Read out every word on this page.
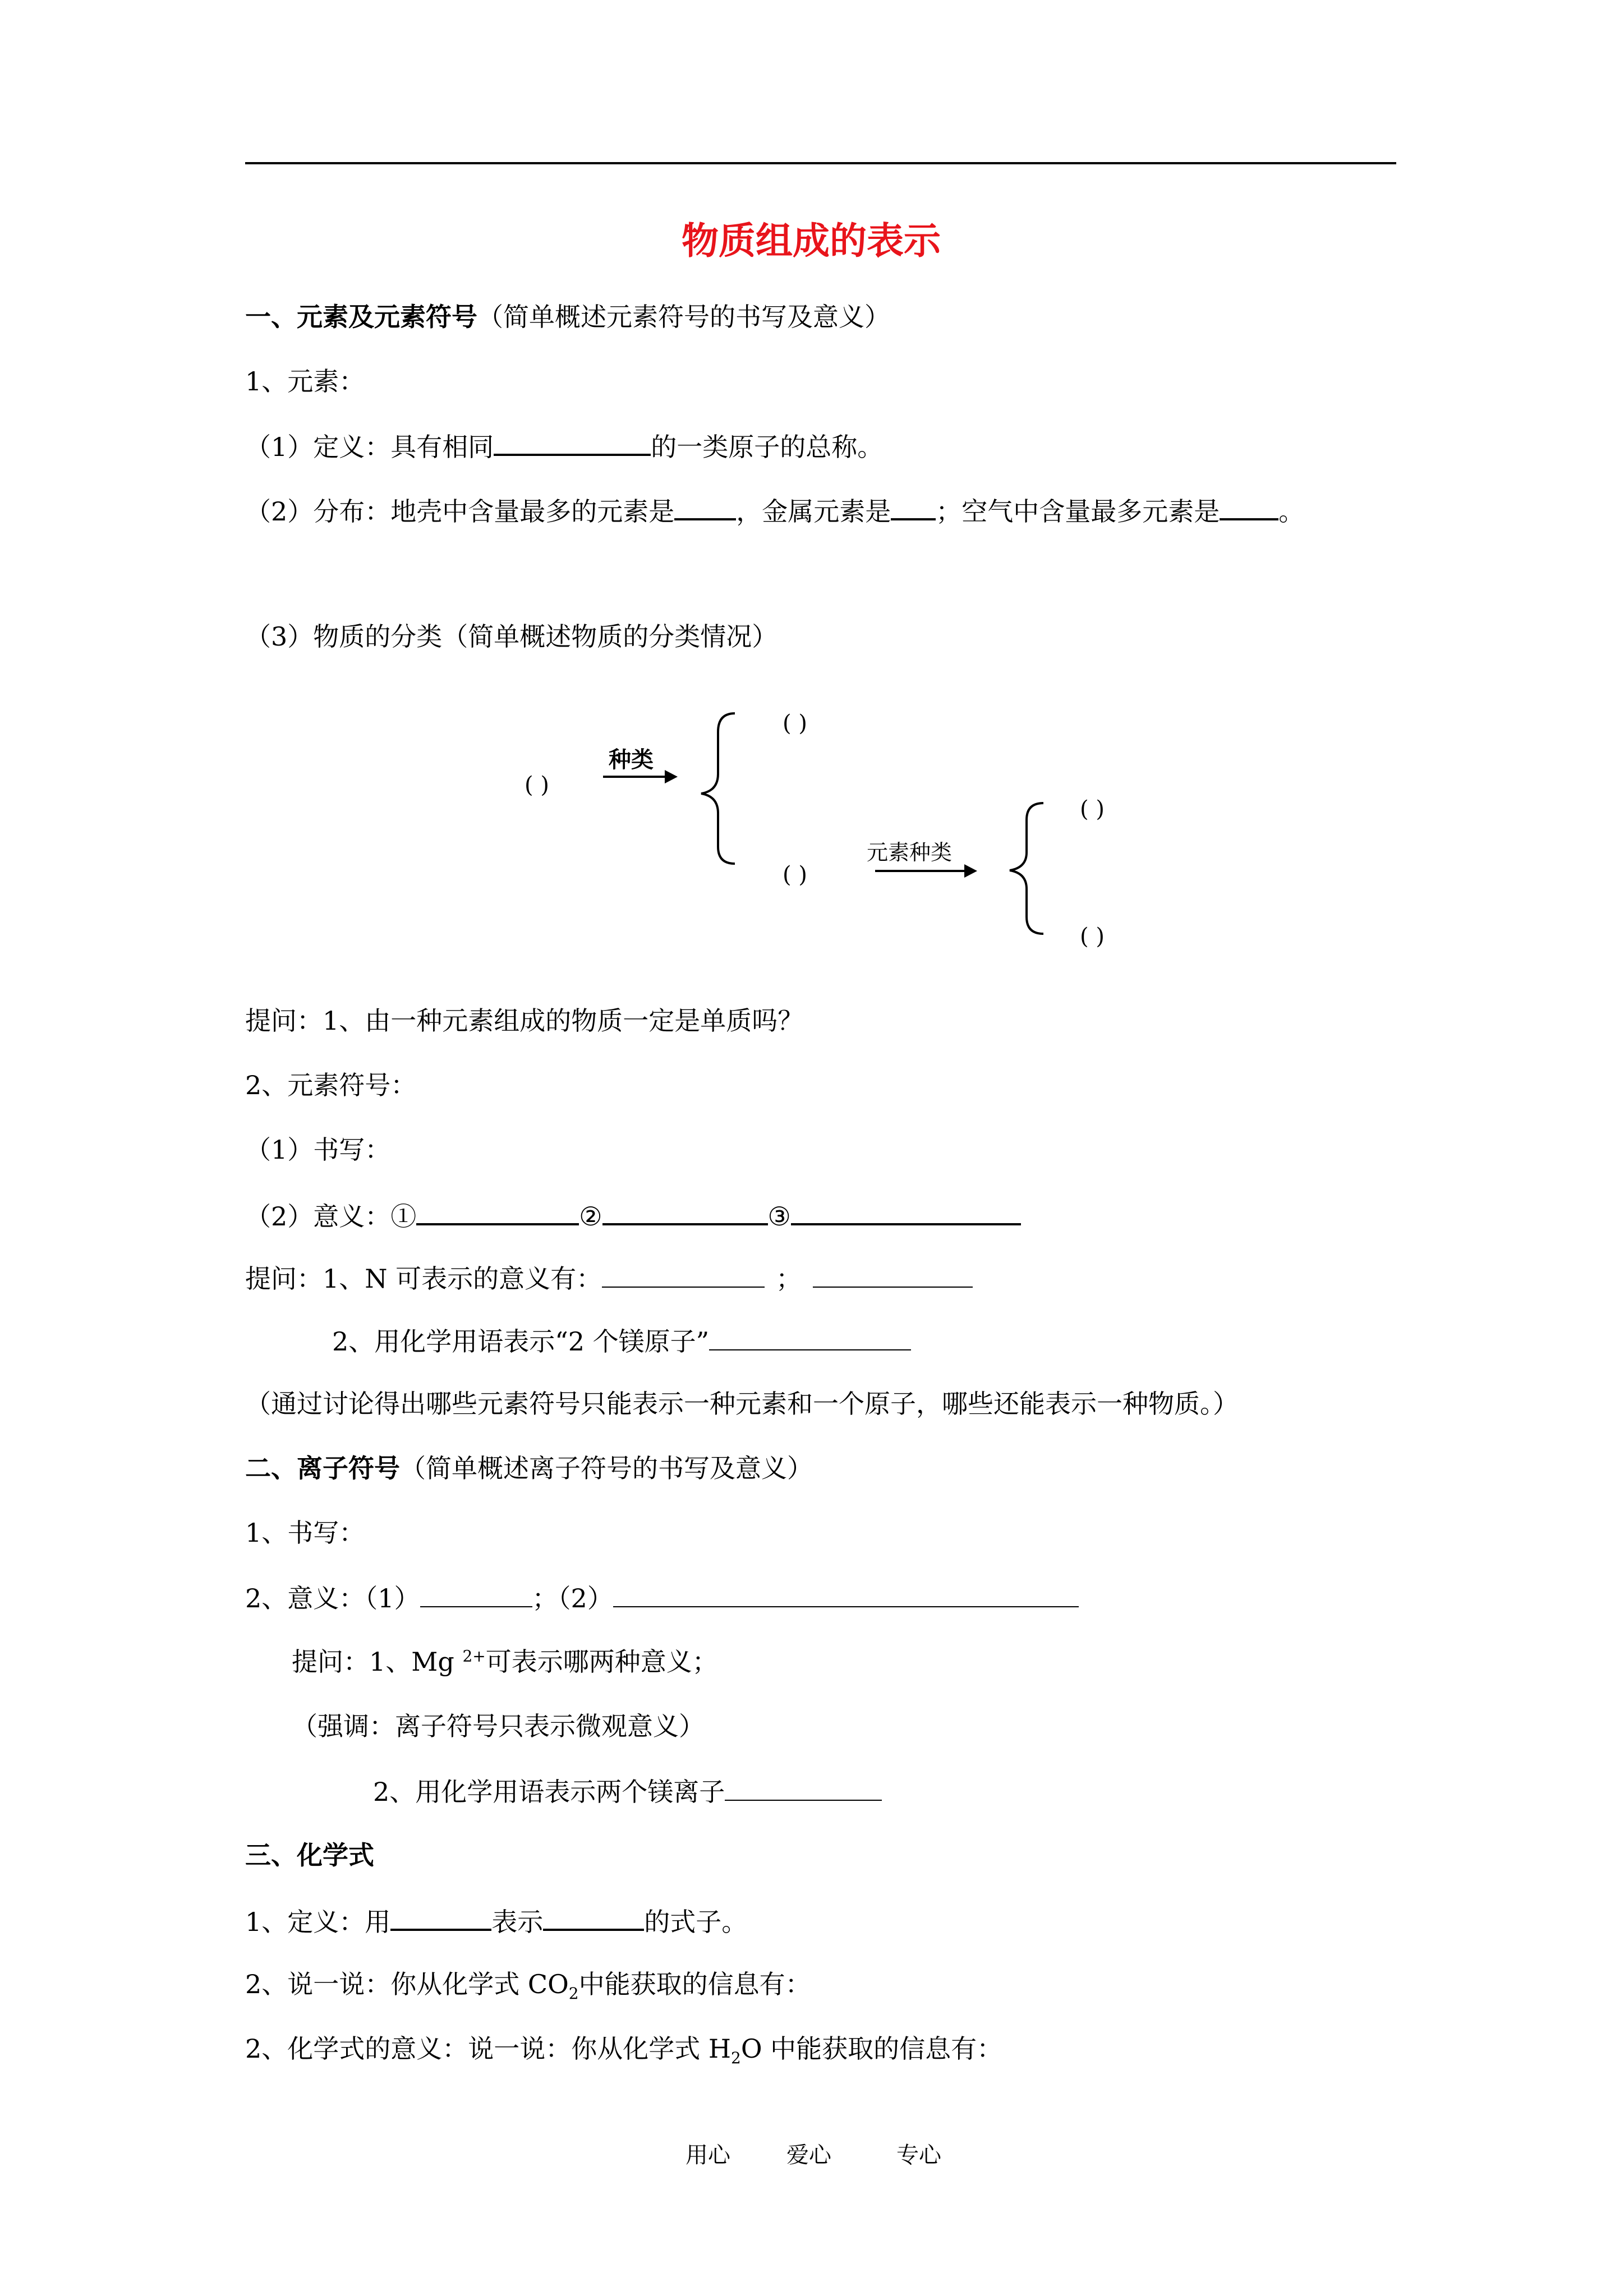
物质组成的表示
一、元素及元素符号（简单概述元素符号的书写及意义）
1、元素：
（1）定义：具有相同	的一类原子的总称。
（2）分布：地壳中含量最多的元素是 ，金属元素是 ；空气中含量最多元素是 。
（3）物质的分类（简单概述物质的分类情况）
( )
种类
( )
( )
元素种类
( )
( )
提问：1、由一种元素组成的物质一定是单质吗？
2、元素符号：
（1）书写：
（2）意义：①	②	③
提问：1、N 可表示的意义有：	；
2、用化学用语表示“2 个镁原子”
（通过讨论得出哪些元素符号只能表示一种元素和一个原子，哪些还能表示一种物质。）
二、离子符号（简单概述离子符号的书写及意义）
1、书写：
2、意义：（1）	；（2）
提问：1、Mg $^{2+}$可表示哪两种意义；
（强调：离子符号只表示微观意义）
2、用化学用语表示两个镁离子
三、化学式
1、定义：用	表示	的式子。
2、说一说：你从化学式 $CO_2$中能获取的信息有：
2、化学式的意义：说一说：你从化学式 $H_2O$ 中能获取的信息有：
用心	爱心	专心
